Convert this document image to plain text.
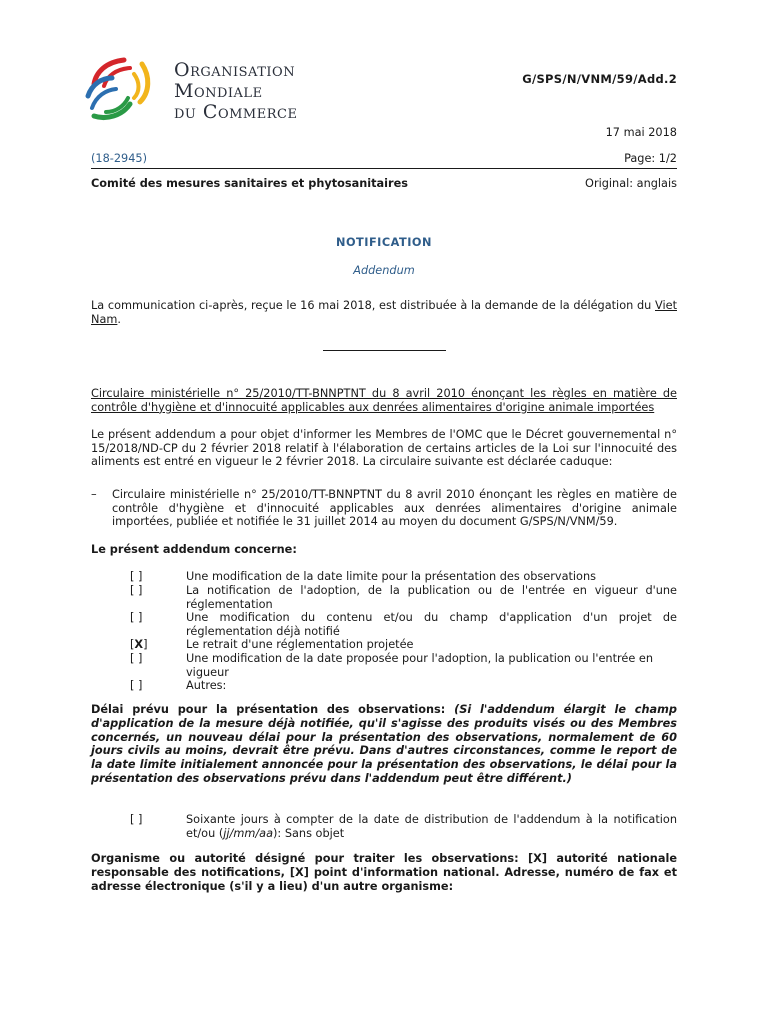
Organisation
Mondiale
du Commerce
G/SPS/N/VNM/59/Add.2
17 mai 2018
(18-2945)	Page: 1/2
Comité des mesures sanitaires et phytosanitaires	Original: anglais
NOTIFICATION
Addendum
La communication ci-après, reçue le 16 mai 2018, est distribuée à la demande de la délégation du Viet Nam.
Circulaire ministérielle n° 25/2010/TT-BNNPTNT du 8 avril 2010 énonçant les règles en matière de contrôle d'hygiène et d'innocuité applicables aux denrées alimentaires d'origine animale importées
Le présent addendum a pour objet d'informer les Membres de l'OMC que le Décret gouvernemental n° 15/2018/ND-CP du 2 février 2018 relatif à l'élaboration de certains articles de la Loi sur l'innocuité des aliments est entré en vigueur le 2 février 2018. La circulaire suivante est déclarée caduque:
– Circulaire ministérielle n° 25/2010/TT-BNNPTNT du 8 avril 2010 énonçant les règles en matière de contrôle d'hygiène et d'innocuité applicables aux denrées alimentaires d'origine animale importées, publiée et notifiée le 31 juillet 2014 au moyen du document G/SPS/N/VNM/59.
Le présent addendum concerne:
[ ]	Une modification de la date limite pour la présentation des observations
[ ]	La notification de l'adoption, de la publication ou de l'entrée en vigueur d'une réglementation
[ ]	Une modification du contenu et/ou du champ d'application d'un projet de réglementation déjà notifié
[X]	Le retrait d'une réglementation projetée
[ ]	Une modification de la date proposée pour l'adoption, la publication ou l'entrée en vigueur
[ ]	Autres:
Délai prévu pour la présentation des observations: (Si l'addendum élargit le champ d'application de la mesure déjà notifiée, qu'il s'agisse des produits visés ou des Membres concernés, un nouveau délai pour la présentation des observations, normalement de 60 jours civils au moins, devrait être prévu. Dans d'autres circonstances, comme le report de la date limite initialement annoncée pour la présentation des observations, le délai pour la présentation des observations prévu dans l'addendum peut être différent.)
[ ]	Soixante jours à compter de la date de distribution de l'addendum à la notification et/ou (jj/mm/aa): Sans objet
Organisme ou autorité désigné pour traiter les observations: [X] autorité nationale responsable des notifications, [X] point d'information national. Adresse, numéro de fax et adresse électronique (s'il y a lieu) d'un autre organisme:
